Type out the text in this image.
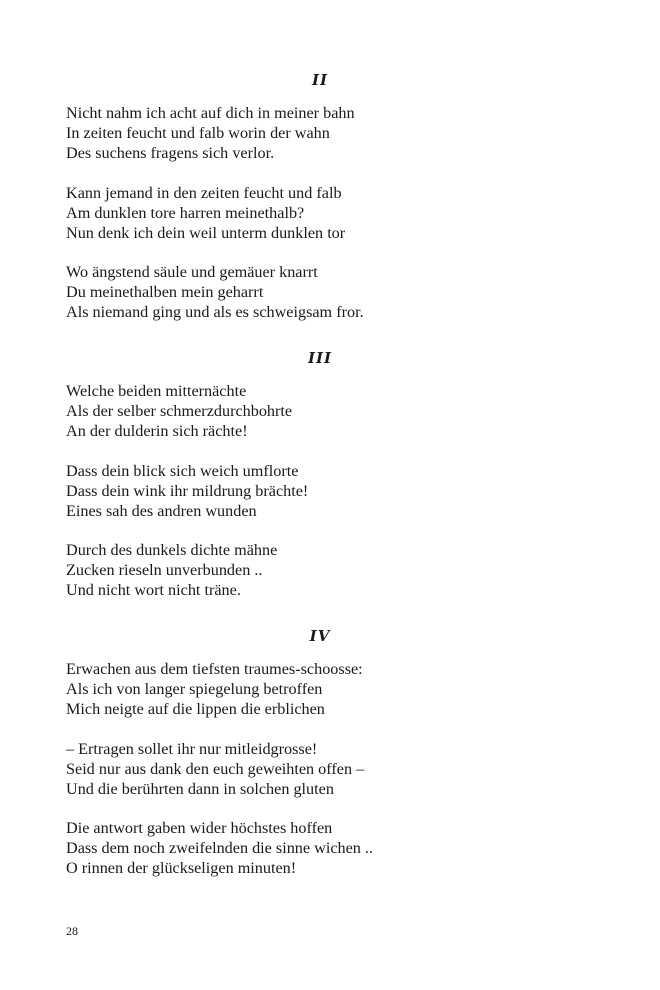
II
Nicht nahm ich acht auf dich in meiner bahn
In zeiten feucht und falb worin der wahn
Des suchens fragens sich verlor.
Kann jemand in den zeiten feucht und falb
Am dunklen tore harren meinethalb?
Nun denk ich dein weil unterm dunklen tor
Wo ängstend säule und gemäuer knarrt
Du meinethalben mein geharrt
Als niemand ging und als es schweigsam fror.
III
Welche beiden mitternächte
Als der selber schmerzdurchbohrte
An der dulderin sich rächte!
Dass dein blick sich weich umflorte
Dass dein wink ihr mildrung brächte!
Eines sah des andren wunden
Durch des dunkels dichte mähne
Zucken rieseln unverbunden ..
Und nicht wort nicht träne.
IV
Erwachen aus dem tiefsten traumes-schoosse:
Als ich von langer spiegelung betroffen
Mich neigte auf die lippen die erblichen
– Ertragen sollet ihr nur mitleidgrosse!
Seid nur aus dank den euch geweihten offen –
Und die berührten dann in solchen gluten
Die antwort gaben wider höchstes hoffen
Dass dem noch zweifelnden die sinne wichen ..
O rinnen der glückseligen minuten!
28
